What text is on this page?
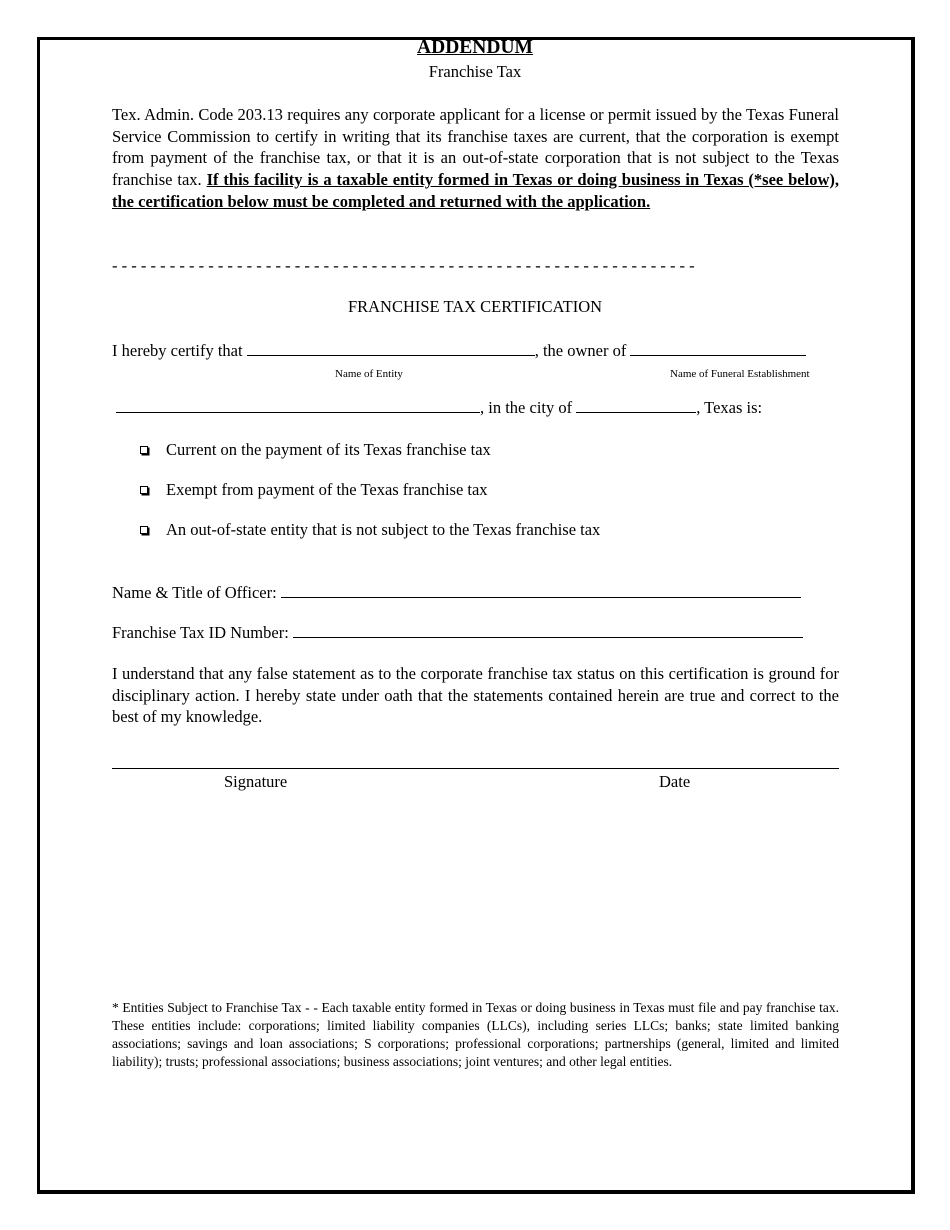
ADDENDUM
Franchise Tax

Tex. Admin. Code 203.13 requires any corporate applicant for a license or permit issued by the Texas Funeral Service Commission to certify in writing that its franchise taxes are current, that the corporation is exempt from payment of the franchise tax, or that it is an out-of-state corporation that is not subject to the Texas franchise tax. If this facility is a taxable entity formed in Texas or doing business in Texas (*see below), the certification below must be completed and returned with the application.

- - - - - - - - - - - - - - - - - - - - - - - - - - - - - - - - - - - - - - - - - - - - - - - - - - - - - - - - - - - - -
FRANCHISE TAX CERTIFICATION
I hereby certify that	, the owner of
Name of Entity	Name of Funeral Establishment
, in the city of	, Texas is:
Current on the payment of its Texas franchise tax
Exempt from payment of the Texas franchise tax
An out-of-state entity that is not subject to the Texas franchise tax
Name & Title of Officer:
Franchise Tax ID Number:

I understand that any false statement as to the corporate franchise tax status on this certification is ground for disciplinary action. I hereby state under oath that the statements contained herein are true and correct to the best of my knowledge.

Signature	Date

* Entities Subject to Franchise Tax - - Each taxable entity formed in Texas or doing business in Texas must file and pay franchise tax. These entities include: corporations; limited liability companies (LLCs), including series LLCs; banks; state limited banking associations; savings and loan associations; S corporations; professional corporations; partnerships (general, limited and limited liability); trusts; professional associations; business associations; joint ventures; and other legal entities.
